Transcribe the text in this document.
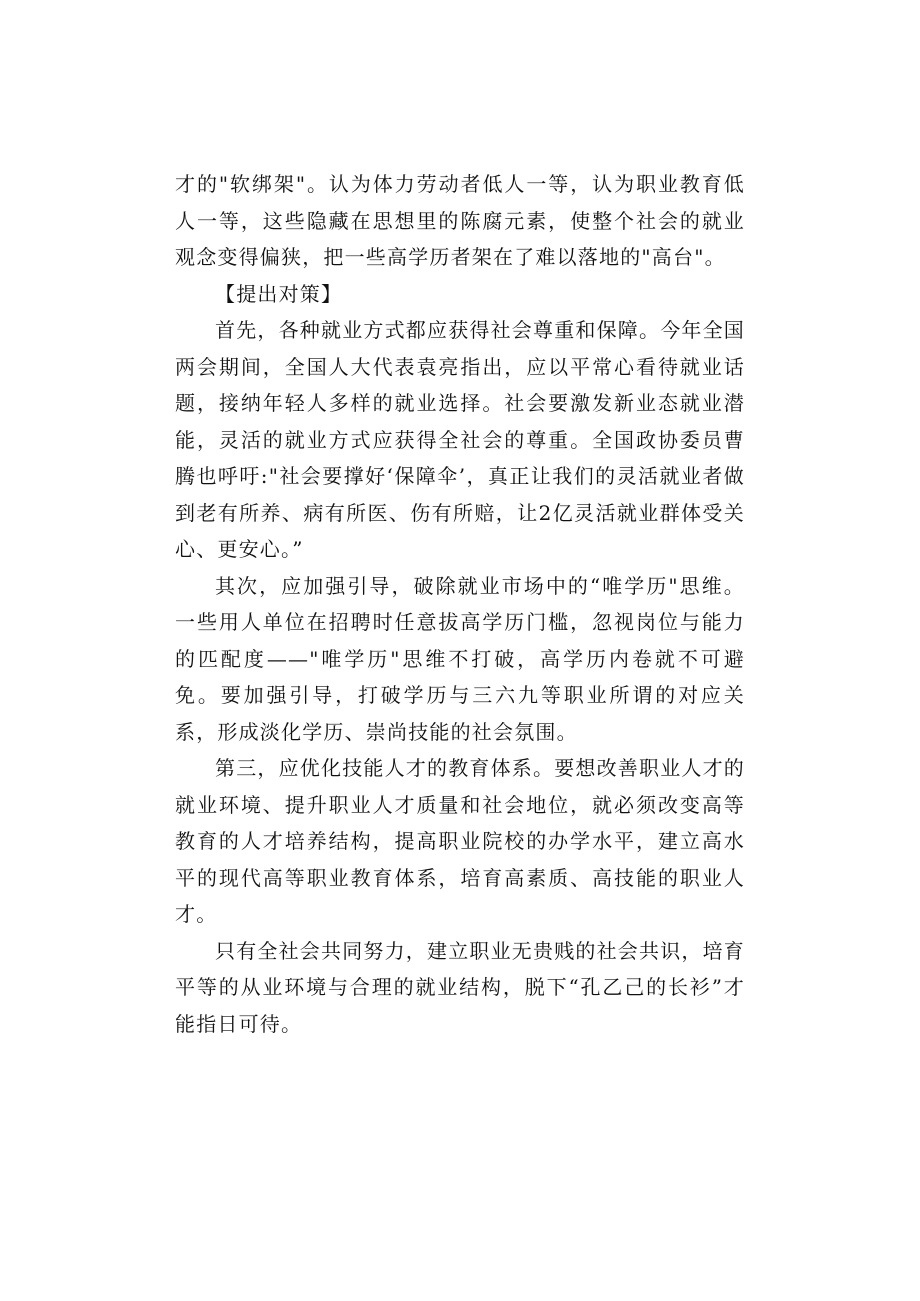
才的"软绑架"。认为体力劳动者低人一等，认为职业教育低人一等，这些隐藏在思想里的陈腐元素，使整个社会的就业观念变得偏狭，把一些高学历者架在了难以落地的"高台"。

【提出对策】

首先，各种就业方式都应获得社会尊重和保障。今年全国两会期间，全国人大代表袁亮指出，应以平常心看待就业话题，接纳年轻人多样的就业选择。社会要激发新业态就业潜能，灵活的就业方式应获得全社会的尊重。全国政协委员曹腾也呼吁:"社会要撑好‘保障伞’，真正让我们的灵活就业者做到老有所养、病有所医、伤有所赔，让2亿灵活就业群体受关心、更安心。”

其次，应加强引导，破除就业市场中的“唯学历"思维。一些用人单位在招聘时任意拔高学历门槛，忽视岗位与能力的匹配度——"唯学历"思维不打破，高学历内卷就不可避免。要加强引导，打破学历与三六九等职业所谓的对应关系，形成淡化学历、崇尚技能的社会氛围。

第三，应优化技能人才的教育体系。要想改善职业人才的就业环境、提升职业人才质量和社会地位，就必须改变高等教育的人才培养结构，提高职业院校的办学水平，建立高水平的现代高等职业教育体系，培育高素质、高技能的职业人才。

只有全社会共同努力，建立职业无贵贱的社会共识，培育平等的从业环境与合理的就业结构，脱下“孔乙己的长衫”才能指日可待。
